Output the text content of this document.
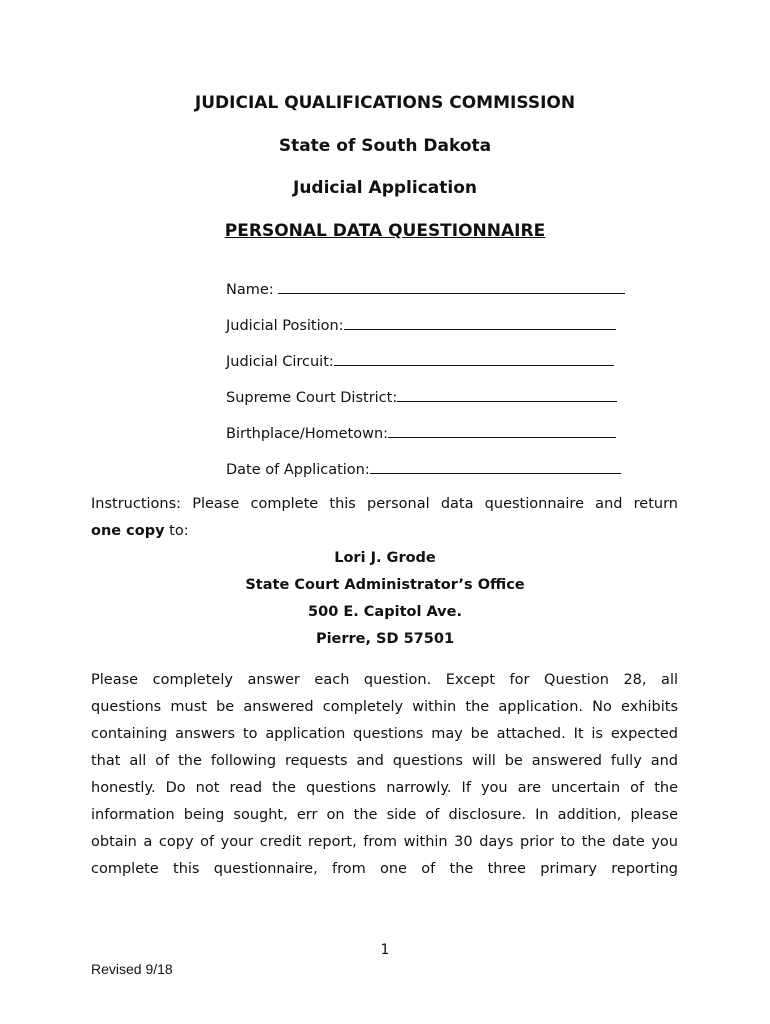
JUDICIAL QUALIFICATIONS COMMISSION
State of South Dakota
Judicial Application
PERSONAL DATA QUESTIONNAIRE
Name:
Judicial Position:
Judicial Circuit:
Supreme Court District:
Birthplace/Hometown:
Date of Application:
Instructions: Please complete this personal data questionnaire and return
one copy to:
Lori J. Grode
State Court Administrator’s Office
500 E. Capitol Ave.
Pierre, SD 57501
Please completely answer each question. Except for Question 28, all
questions must be answered completely within the application. No exhibits
containing answers to application questions may be attached. It is expected
that all of the following requests and questions will be answered fully and
honestly. Do not read the questions narrowly. If you are uncertain of the
information being sought, err on the side of disclosure. In addition, please
obtain a copy of your credit report, from within 30 days prior to the date you
complete this questionnaire, from one of the three primary reporting
1
Revised 9/18
